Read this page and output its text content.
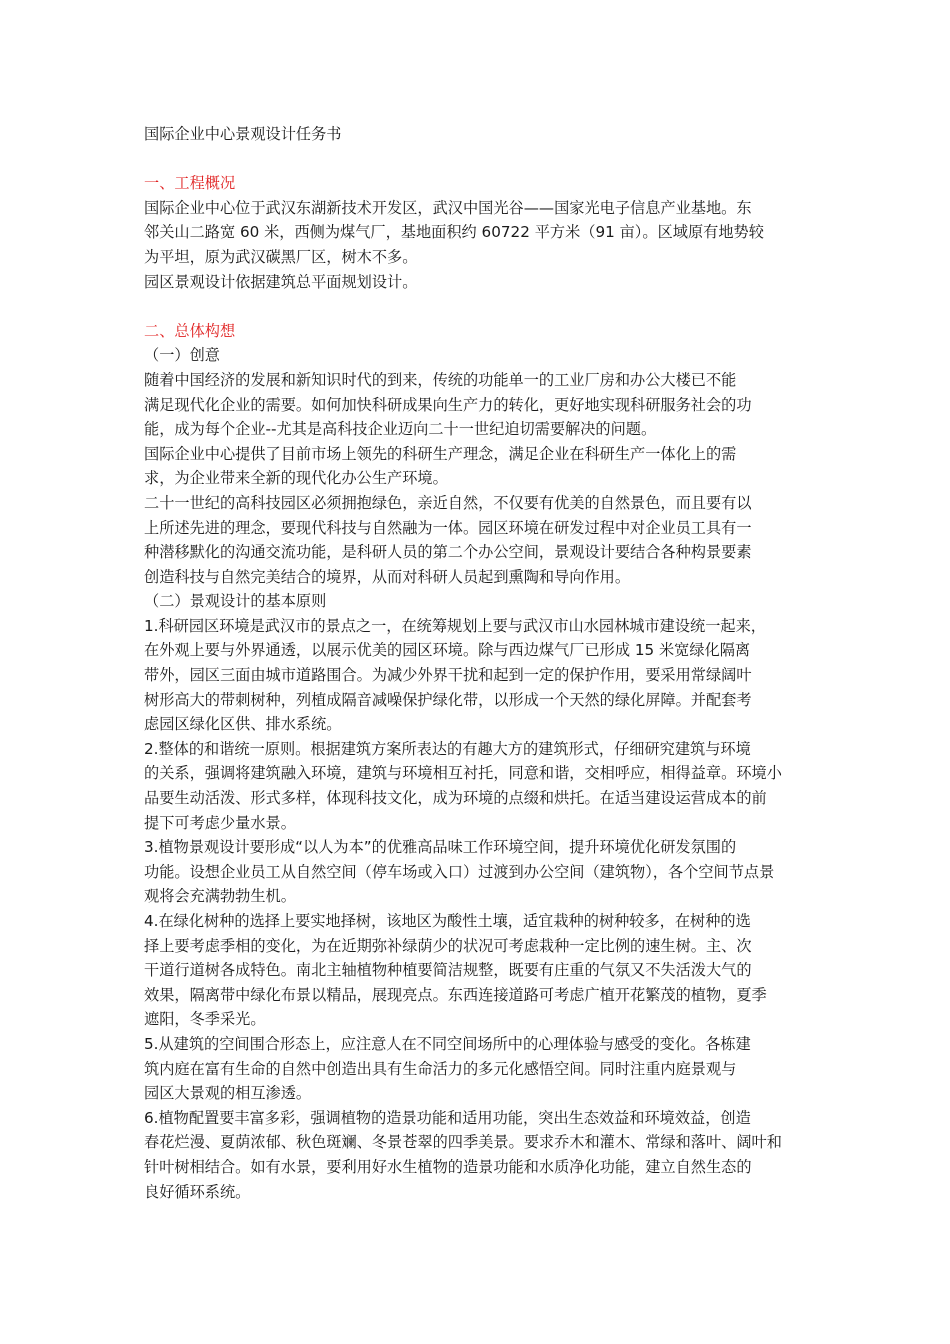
国际企业中心景观设计任务书
一、工程概况
国际企业中心位于武汉东湖新技术开发区，武汉中国光谷——国家光电子信息产业基地。东
邻关山二路宽 60 米，西侧为煤气厂，基地面积约 60722 平方米（91 亩）。区域原有地势较
为平坦，原为武汉碳黑厂区，树木不多。
园区景观设计依据建筑总平面规划设计。
二、总体构想
（一）创意
随着中国经济的发展和新知识时代的到来，传统的功能单一的工业厂房和办公大楼已不能
满足现代化企业的需要。如何加快科研成果向生产力的转化，更好地实现科研服务社会的功
能，成为每个企业--尤其是高科技企业迈向二十一世纪迫切需要解决的问题。
国际企业中心提供了目前市场上领先的科研生产理念，满足企业在科研生产一体化上的需
求，为企业带来全新的现代化办公生产环境。
二十一世纪的高科技园区必须拥抱绿色，亲近自然，不仅要有优美的自然景色，而且要有以
上所述先进的理念，要现代科技与自然融为一体。园区环境在研发过程中对企业员工具有一
种潜移默化的沟通交流功能，是科研人员的第二个办公空间，景观设计要结合各种构景要素
创造科技与自然完美结合的境界，从而对科研人员起到熏陶和导向作用。
（二）景观设计的基本原则
1.科研园区环境是武汉市的景点之一，在统筹规划上要与武汉市山水园林城市建设统一起来，
在外观上要与外界通透，以展示优美的园区环境。除与西边煤气厂已形成 15 米宽绿化隔离
带外，园区三面由城市道路围合。为减少外界干扰和起到一定的保护作用，要采用常绿阔叶
树形高大的带刺树种，列植成隔音减噪保护绿化带，以形成一个天然的绿化屏障。并配套考
虑园区绿化区供、排水系统。
2.整体的和谐统一原则。根据建筑方案所表达的有趣大方的建筑形式，仔细研究建筑与环境
的关系，强调将建筑融入环境，建筑与环境相互衬托，同意和谐，交相呼应，相得益章。环境小
品要生动活泼、形式多样，体现科技文化，成为环境的点缀和烘托。在适当建设运营成本的前
提下可考虑少量水景。
3.植物景观设计要形成“以人为本”的优雅高品味工作环境空间，提升环境优化研发氛围的
功能。设想企业员工从自然空间（停车场或入口）过渡到办公空间（建筑物），各个空间节点景
观将会充满勃勃生机。
4.在绿化树种的选择上要实地择树，该地区为酸性土壤，适宜栽种的树种较多，在树种的选
择上要考虑季相的变化，为在近期弥补绿荫少的状况可考虑栽种一定比例的速生树。主、次
干道行道树各成特色。南北主轴植物种植要简洁规整，既要有庄重的气氛又不失活泼大气的
效果，隔离带中绿化布景以精品，展现亮点。东西连接道路可考虑广植开花繁茂的植物，夏季
遮阳，冬季采光。
5.从建筑的空间围合形态上，应注意人在不同空间场所中的心理体验与感受的变化。各栋建
筑内庭在富有生命的自然中创造出具有生命活力的多元化感悟空间。同时注重内庭景观与
园区大景观的相互渗透。
6.植物配置要丰富多彩，强调植物的造景功能和适用功能，突出生态效益和环境效益，创造
春花烂漫、夏荫浓郁、秋色斑斓、冬景苍翠的四季美景。要求乔木和灌木、常绿和落叶、阔叶和
针叶树相结合。如有水景，要利用好水生植物的造景功能和水质净化功能，建立自然生态的
良好循环系统。
